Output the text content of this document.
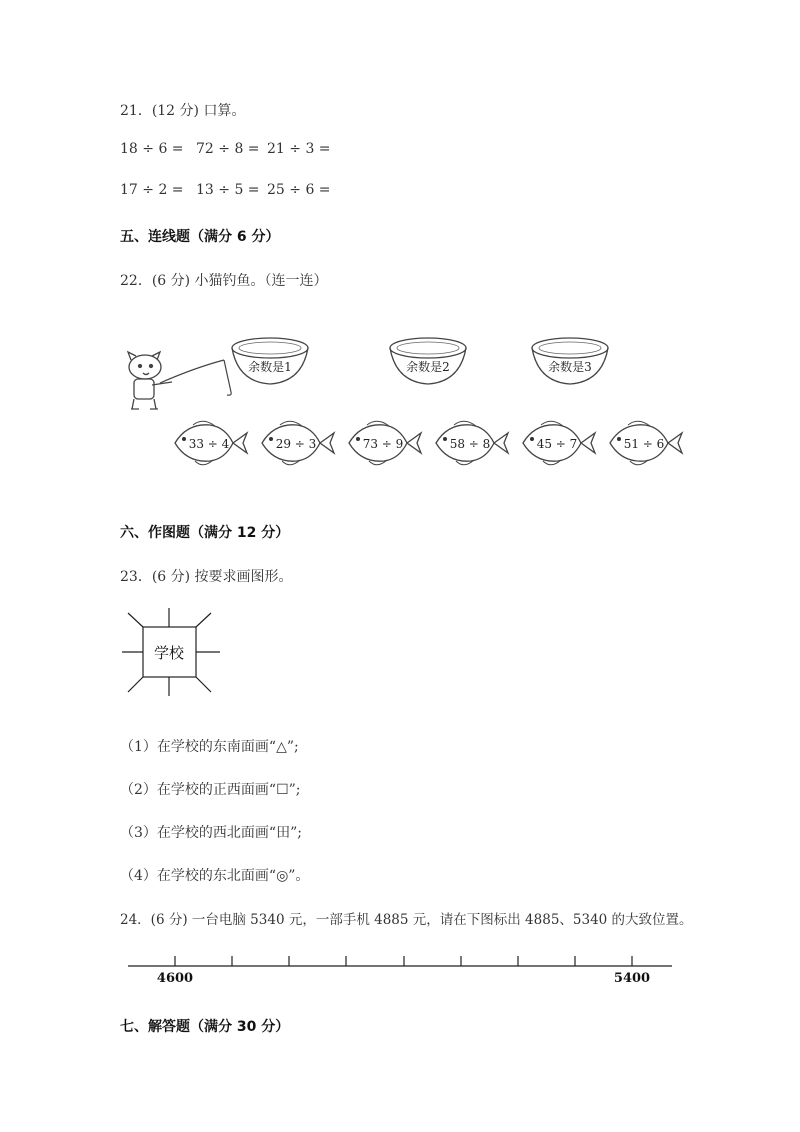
21．(12 分) 口算。
18 ÷ 6 = 72 ÷ 8 = 21 ÷ 3 =
17 ÷ 2 = 13 ÷ 5 = 25 ÷ 6 =
五、连线题（满分 6 分）
22．(6 分) 小猫钓鱼。（连一连）
余数是1	余数是2	余数是3
33 ÷ 4	29 ÷ 3	73 ÷ 9	58 ÷ 8	45 ÷ 7	51 ÷ 6
六、作图题（满分 12 分）
23．(6 分) 按要求画图形。
学校
（1）在学校的东南面画“△”;
（2）在学校的正西面画“☐”;
（3）在学校的西北面画“田”;
（4）在学校的东北面画“◎”。
24．(6 分) 一台电脑 5340 元，一部手机 4885 元，请在下图标出 4885、5340 的大致位置。
4600	5400
七、解答题（满分 30 分）
